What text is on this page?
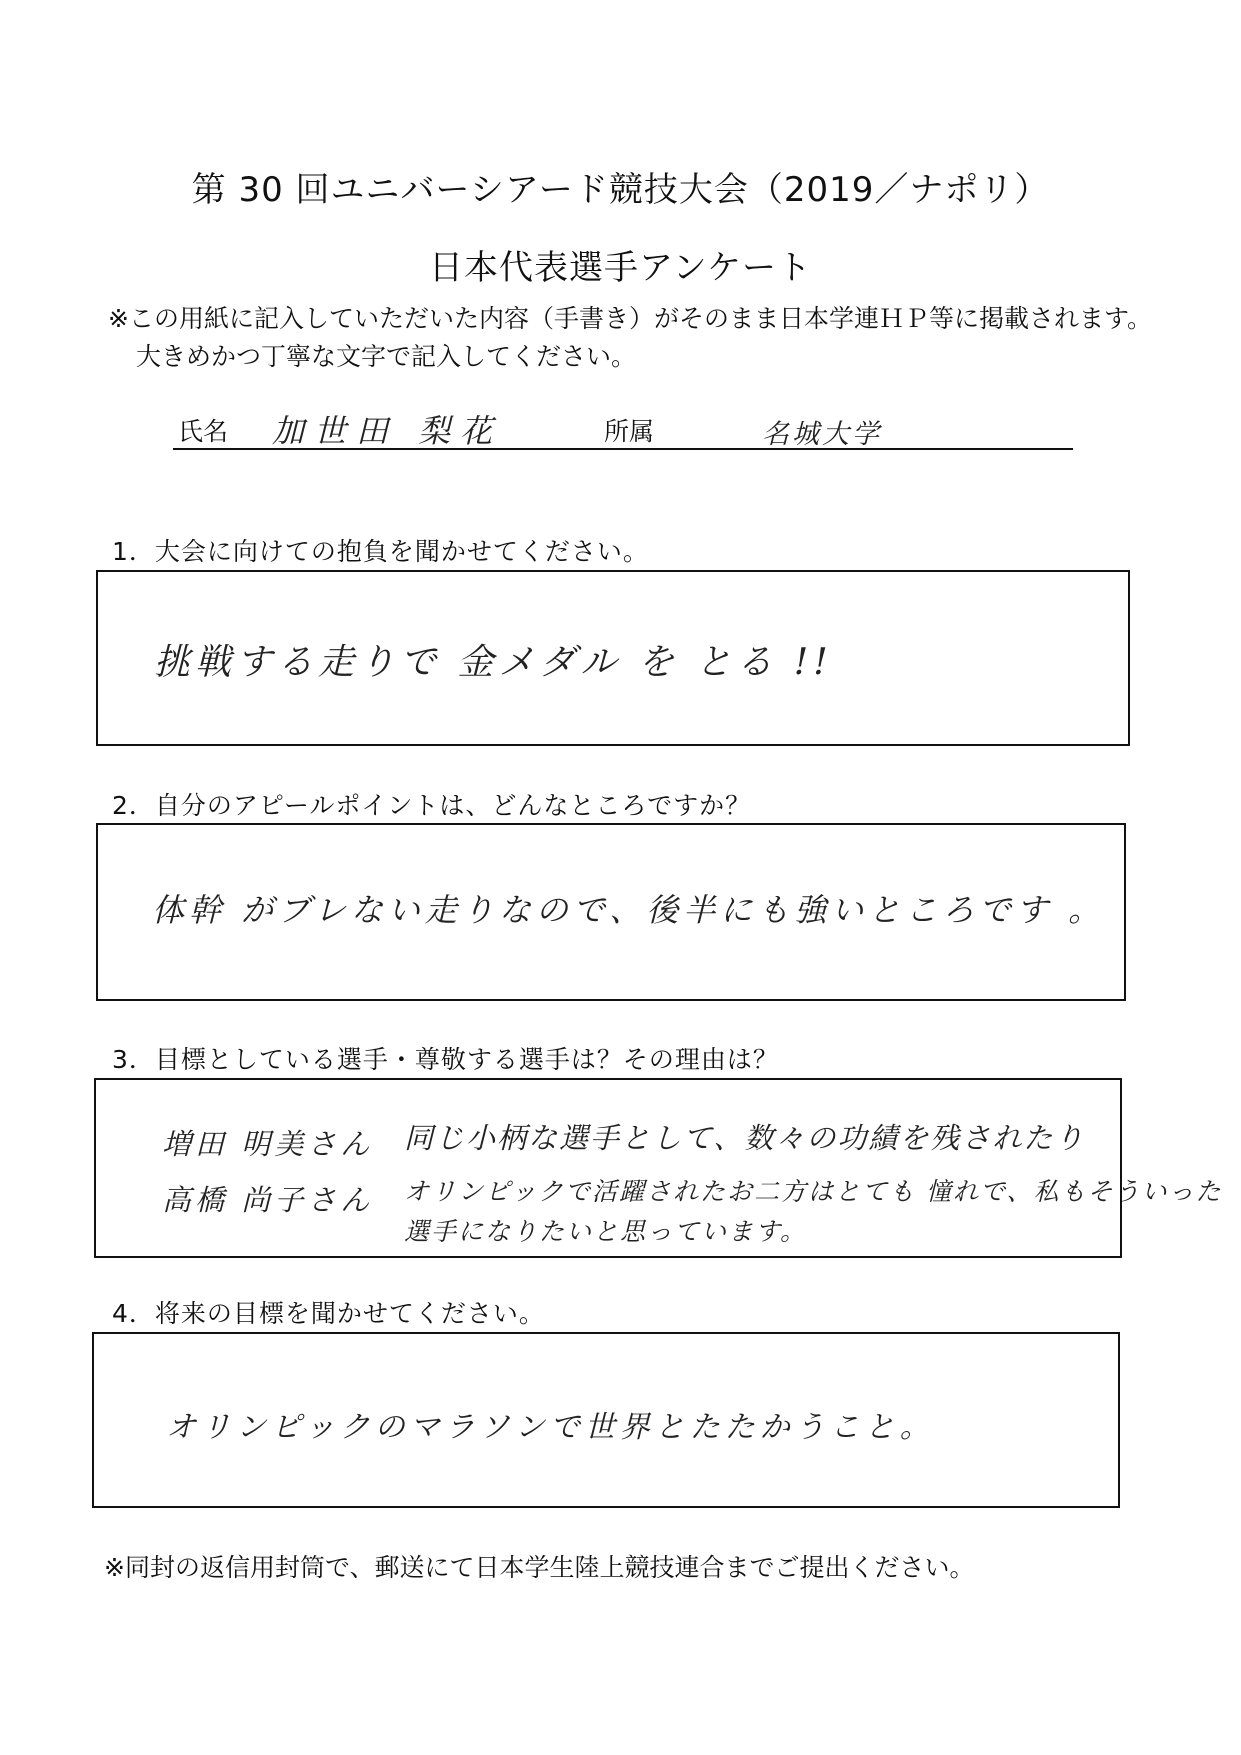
第 30 回ユニバーシアード競技大会（2019／ナポリ）
日本代表選手アンケート
※この用紙に記入していただいた内容（手書き）がそのまま日本学連ＨＰ等に掲載されます。
大きめかつ丁寧な文字で記入してください。
氏名 加世田 梨花	所属	名城大学
1．大会に向けての抱負を聞かせてください。
挑戦する走りで 金メダル を とる !!
2．自分のアピールポイントは、どんなところですか？
体幹 がブレない走りなので、後半にも強いところです 。
3．目標としている選手・尊敬する選手は？その理由は？
増田 明美さん
高橋 尚子さん
同じ小柄な選手として、数々の功績を残されたり
オリンピックで活躍されたお二方はとても 憧れで、私もそういった
選手になりたいと思っています。
4．将来の目標を聞かせてください。
オリンピックのマラソンで世界とたたかうこと。
※同封の返信用封筒で、郵送にて日本学生陸上競技連合までご提出ください。
